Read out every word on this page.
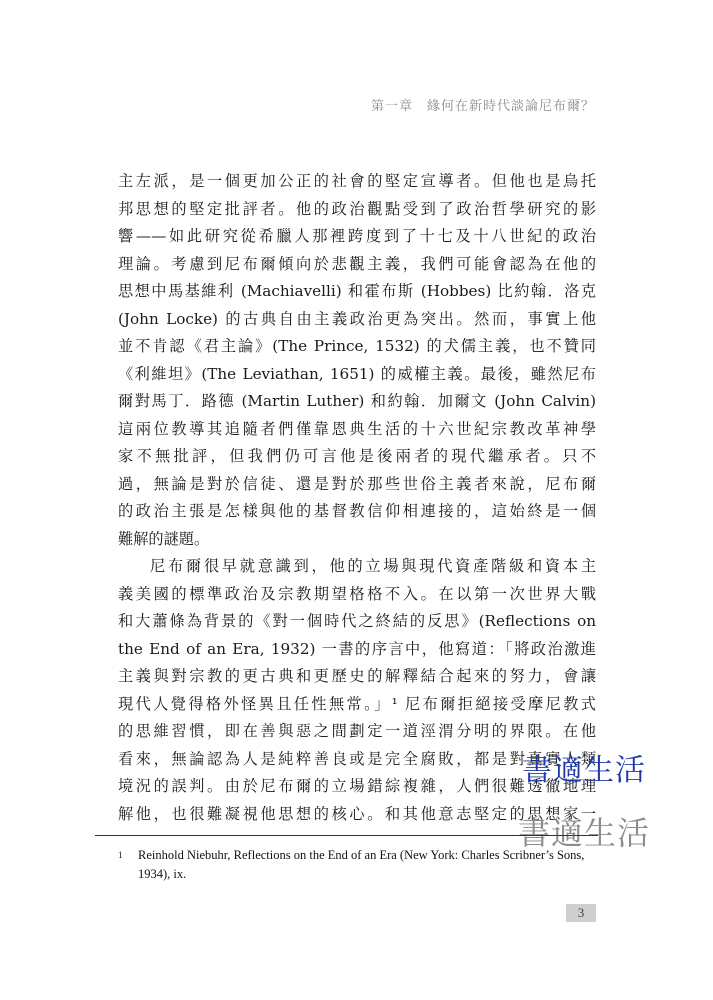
第一章　緣何在新時代談論尼布爾？
主左派，是一個更加公正的社會的堅定宣導者。但他也是烏托
邦思想的堅定批評者。他的政治觀點受到了政治哲學研究的影
響——如此研究從希臘人那裡跨度到了十七及十八世紀的政治
理論。考慮到尼布爾傾向於悲觀主義，我們可能會認為在他的
思想中馬基維利 (Machiavelli) 和霍布斯 (Hobbes) 比約翰．洛克
(John Locke) 的古典自由主義政治更為突出。然而，事實上他
並不肯認《君主論》(The Prince, 1532) 的犬儒主義，也不贊同
《利維坦》(The Leviathan, 1651) 的威權主義。最後，雖然尼布
爾對馬丁．路德 (Martin Luther) 和約翰．加爾文 (John Calvin)
這兩位教導其追隨者們僅靠恩典生活的十六世紀宗教改革神學
家不無批評，但我們仍可言他是後兩者的現代繼承者。只不
過，無論是對於信徒、還是對於那些世俗主義者來說，尼布爾
的政治主張是怎樣與他的基督教信仰相連接的，這始終是一個
難解的謎題。
尼布爾很早就意識到，他的立場與現代資產階級和資本主
義美國的標準政治及宗教期望格格不入。在以第一次世界大戰
和大蕭條為背景的《對一個時代之終結的反思》(Reflections on
the End of an Era, 1932) 一書的序言中，他寫道：「將政治激進
主義與對宗教的更古典和更歷史的解釋結合起來的努力，會讓
現代人覺得格外怪異且任性無常。」¹ 尼布爾拒絕接受摩尼教式
的思維習慣，即在善與惡之間劃定一道涇渭分明的界限。在他
看來，無論認為人是純粹善良或是完全腐敗，都是對真實人類
境況的誤判。由於尼布爾的立場錯綜複雜，人們很難透徹地理
解他，也很難凝視他思想的核心。和其他意志堅定的思想家一
書適生活
書適生活
1	Reinhold Niebuhr, Reflections on the End of an Era (New York: Charles Scribner’s Sons, 1934), ix.
3
